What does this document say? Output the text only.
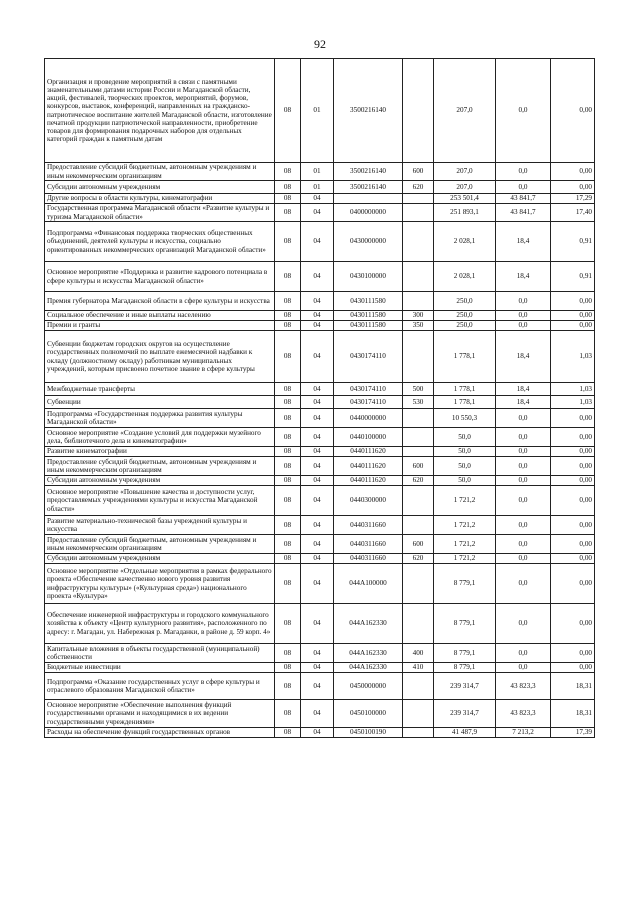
92
Организация и проведение мероприятий в связи с памятными знаменательными датами истории России и Магаданской области, акций, фестивалей, творческих проектов, мероприятий, форумов, конкурсов, выставок, конференций, направленных на гражданско-патриотическое воспитание жителей Магаданской области, изготовление печатной продукции патриотической направленности, приобретение товаров для формирования подарочных наборов для отдельных категорий граждан к памятным датам	08	01	3500216140		207,0	0,0	0,00
Предоставление субсидий бюджетным, автономным учреждениям и иным некоммерческим организациям	08	01	3500216140	600	207,0	0,0	0,00
Субсидии автономным учреждениям	08	01	3500216140	620	207,0	0,0	0,00
Другие вопросы в области культуры, кинематографии	08	04			253 501,4	43 841,7	17,29
Государственная программа Магаданской области «Развитие культуры и туризма Магаданской области»	08	04	0400000000		251 893,1	43 841,7	17,40
Подпрограмма «Финансовая поддержка творческих общественных объединений, деятелей культуры и искусства, социально ориентированных некоммерческих организаций Магаданской области»	08	04	0430000000		2 028,1	18,4	0,91
Основное мероприятие «Поддержка и развитие кадрового потенциала в сфере культуры и искусства Магаданской области»	08	04	0430100000		2 028,1	18,4	0,91
Премия губернатора Магаданской области в сфере культуры и искусства	08	04	0430111580		250,0	0,0	0,00
Социальное обеспечение и иные выплаты населению	08	04	0430111580	300	250,0	0,0	0,00
Премии и гранты	08	04	0430111580	350	250,0	0,0	0,00
Субвенции бюджетам городских округов на осуществление государственных полномочий по выплате ежемесячной надбавки к окладу (должностному окладу) работникам муниципальных учреждений, которым присвоено почетное звание в сфере культуры	08	04	0430174110		1 778,1	18,4	1,03
Межбюджетные трансферты	08	04	0430174110	500	1 778,1	18,4	1,03
Субвенции	08	04	0430174110	530	1 778,1	18,4	1,03
Подпрограмма «Государственная поддержка развития культуры Магаданской области»	08	04	0440000000		10 550,3	0,0	0,00
Основное мероприятие «Создание условий для поддержки музейного дела, библиотечного дела и кинематографии»	08	04	0440100000		50,0	0,0	0,00
Развитие кинематографии	08	04	0440111620		50,0	0,0	0,00
Предоставление субсидий бюджетным, автономным учреждениям и иным некоммерческим организациям	08	04	0440111620	600	50,0	0,0	0,00
Субсидии автономным учреждениям	08	04	0440111620	620	50,0	0,0	0,00
Основное мероприятие «Повышение качества и доступности услуг, предоставляемых учреждениями культуры и искусства Магаданской области»	08	04	0440300000		1 721,2	0,0	0,00
Развитие материально-технической базы учреждений культуры и искусства	08	04	0440311660		1 721,2	0,0	0,00
Предоставление субсидий бюджетным, автономным учреждениям и иным некоммерческим организациям	08	04	0440311660	600	1 721,2	0,0	0,00
Субсидии автономным учреждениям	08	04	0440311660	620	1 721,2	0,0	0,00
Основное мероприятие «Отдельные мероприятия в рамках федерального проекта «Обеспечение качественно нового уровня развития инфраструктуры культуры» («Культурная среда») национального проекта «Культура»	08	04	044A100000		8 779,1	0,0	0,00
Обеспечение инженерной инфраструктуры и городского коммунального хозяйства к объекту «Центр культурного развития», расположенного по адресу: г. Магадан, ул. Набережная р. Магаданки, в районе д. 59 корп. 4»	08	04	044A162330		8 779,1	0,0	0,00
Капитальные вложения в объекты государственной (муниципальной) собственности	08	04	044A162330	400	8 779,1	0,0	0,00
Бюджетные инвестиции	08	04	044A162330	410	8 779,1	0,0	0,00
Подпрограмма «Оказание государственных услуг в сфере культуры и отраслевого образования Магаданской области»	08	04	0450000000		239 314,7	43 823,3	18,31
Основное мероприятие «Обеспечение выполнения функций государственными органами и находящимися в их ведении государственными учреждениями»	08	04	0450100000		239 314,7	43 823,3	18,31
Расходы на обеспечение функций государственных органов	08	04	0450100190		41 487,9	7 213,2	17,39
